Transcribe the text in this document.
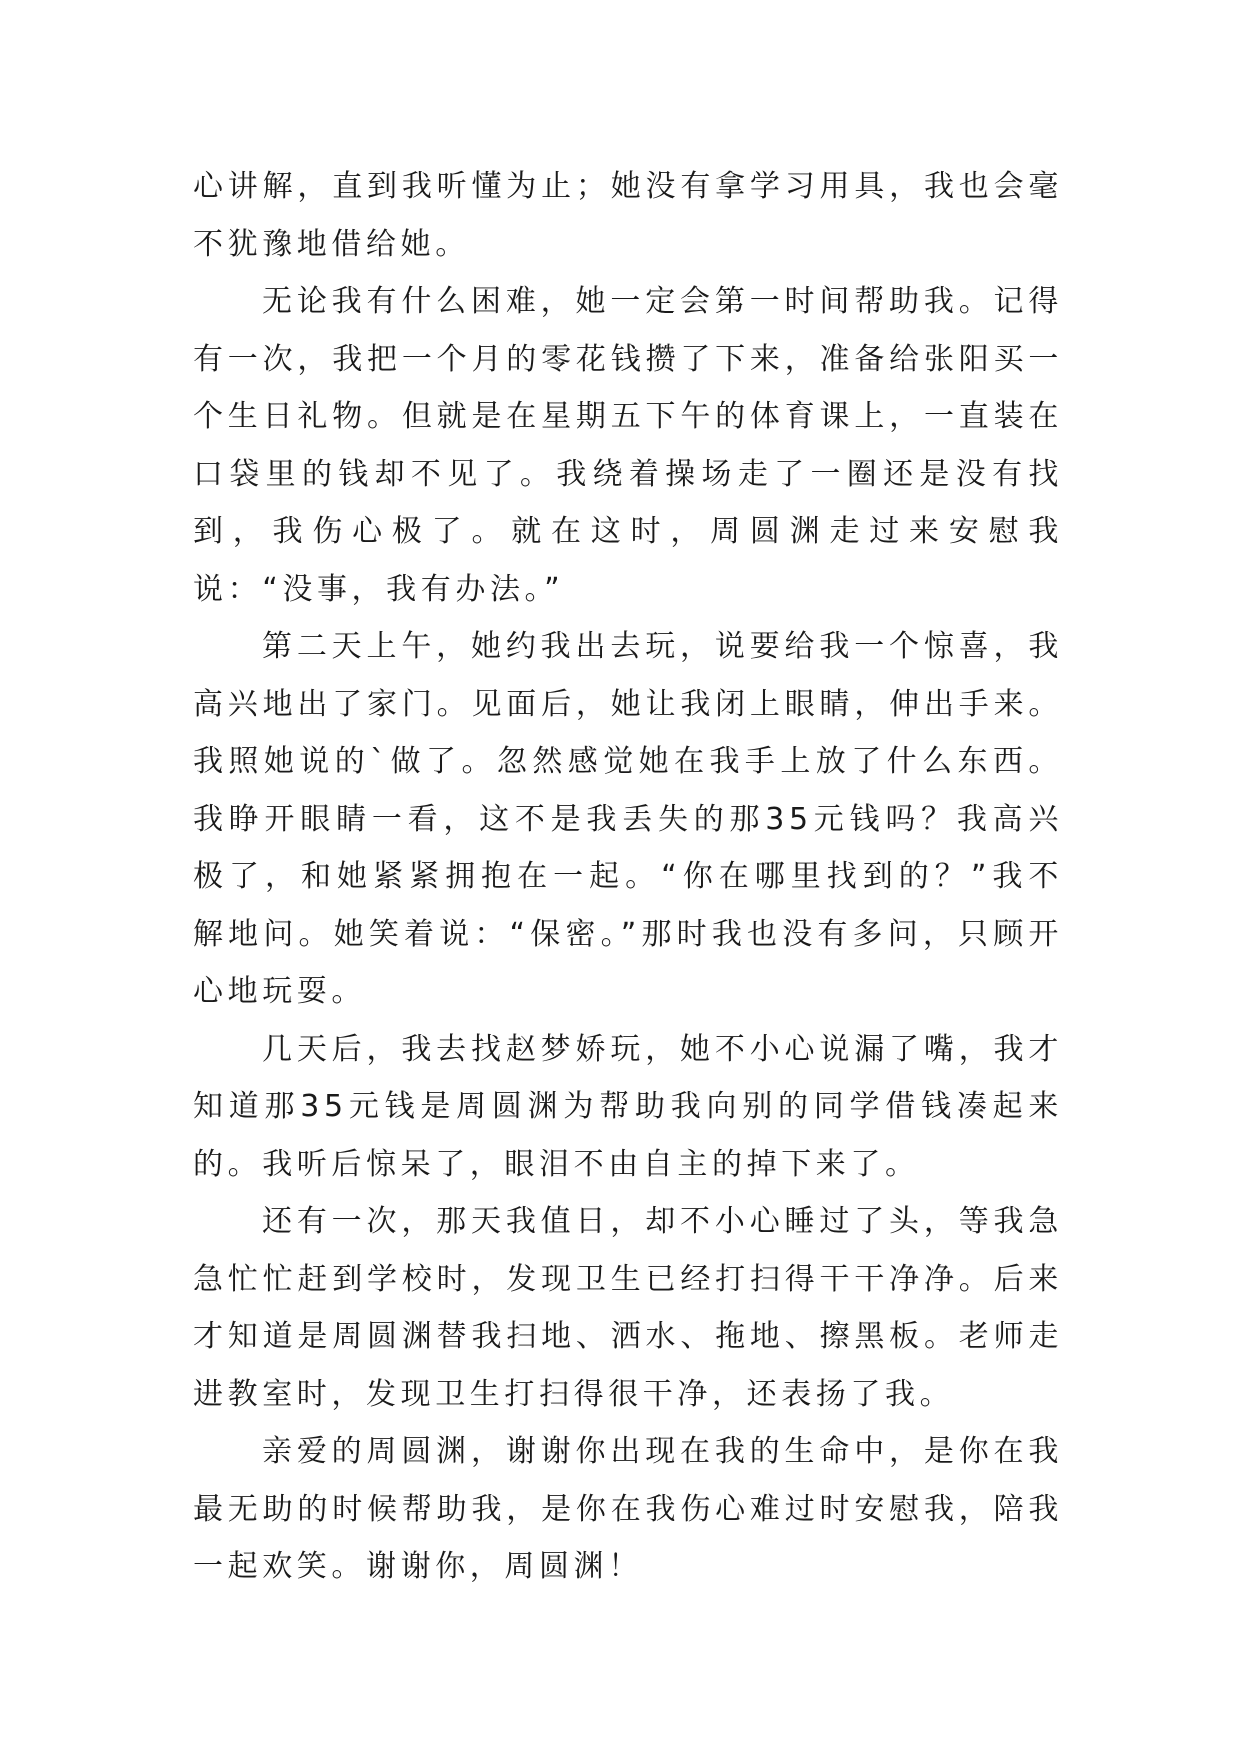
心讲解，直到我听懂为止；她没有拿学习用具，我也会毫不犹豫地借给她。

无论我有什么困难，她一定会第一时间帮助我。记得有一次，我把一个月的零花钱攒了下来，准备给张阳买一个生日礼物。但就是在星期五下午的体育课上，一直装在口袋里的钱却不见了。我绕着操场走了一圈还是没有找到，我伤心极了。就在这时，周圆渊走过来安慰我说：“没事，我有办法。”

第二天上午，她约我出去玩，说要给我一个惊喜，我高兴地出了家门。见面后，她让我闭上眼睛，伸出手来。我照她说的`做了。忽然感觉她在我手上放了什么东西。我睁开眼睛一看，这不是我丢失的那35元钱吗？我高兴极了，和她紧紧拥抱在一起。“你在哪里找到的？”我不解地问。她笑着说：“保密。”那时我也没有多问，只顾开心地玩耍。

几天后，我去找赵梦娇玩，她不小心说漏了嘴，我才知道那35元钱是周圆渊为帮助我向别的同学借钱凑起来的。我听后惊呆了，眼泪不由自主的掉下来了。

还有一次，那天我值日，却不小心睡过了头，等我急急忙忙赶到学校时，发现卫生已经打扫得干干净净。后来才知道是周圆渊替我扫地、洒水、拖地、擦黑板。老师走进教室时，发现卫生打扫得很干净，还表扬了我。

亲爱的周圆渊，谢谢你出现在我的生命中，是你在我最无助的时候帮助我，是你在我伤心难过时安慰我，陪我一起欢笑。谢谢你，周圆渊！
